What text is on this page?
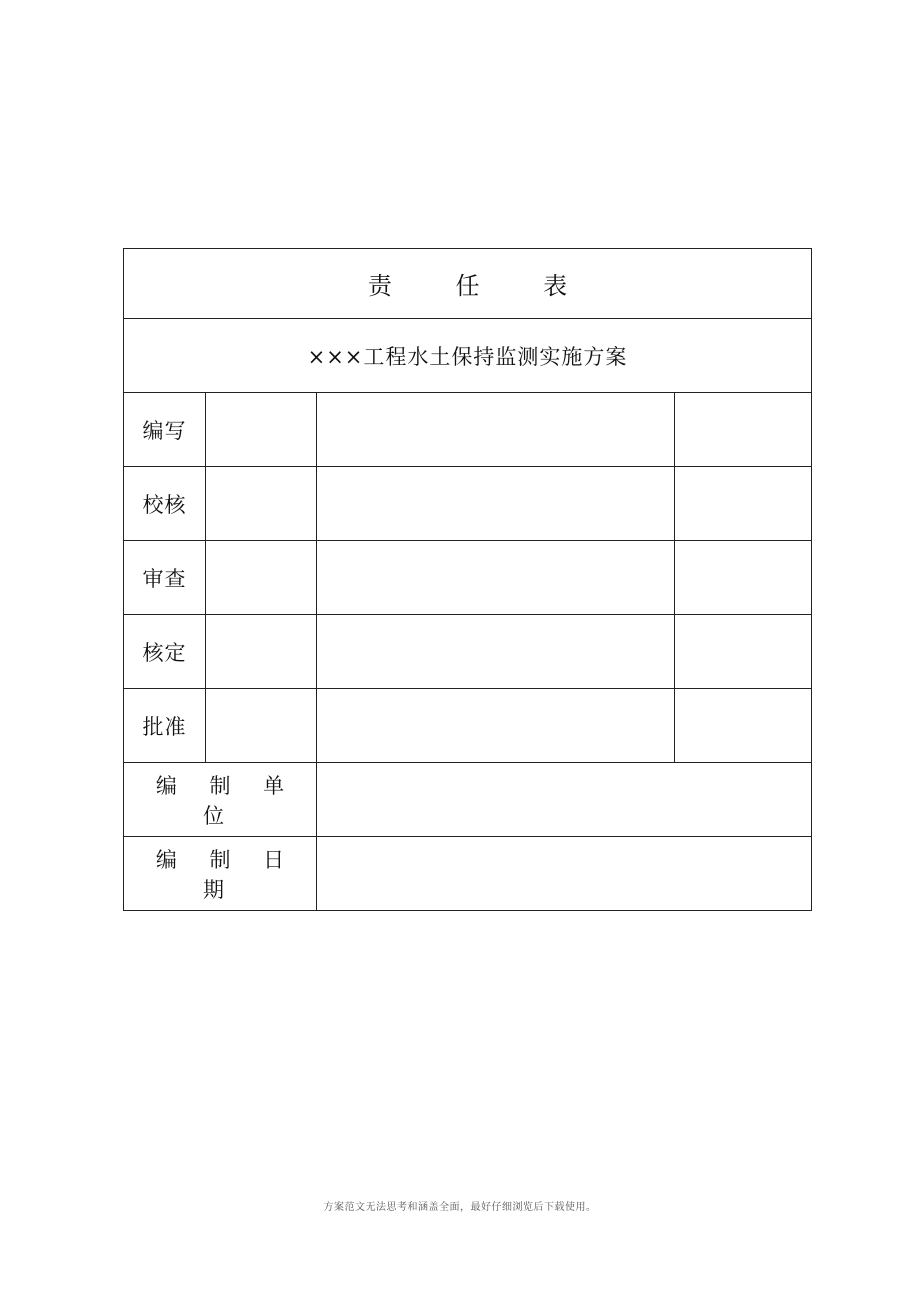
责 任 表			
×××工程水土保持监测实施方案			
编写			
校核			
审查			
核定			
批准			
编 制 单 位			
编 制 日 期			
方案范文无法思考和涵盖全面，最好仔细浏览后下载使用。
